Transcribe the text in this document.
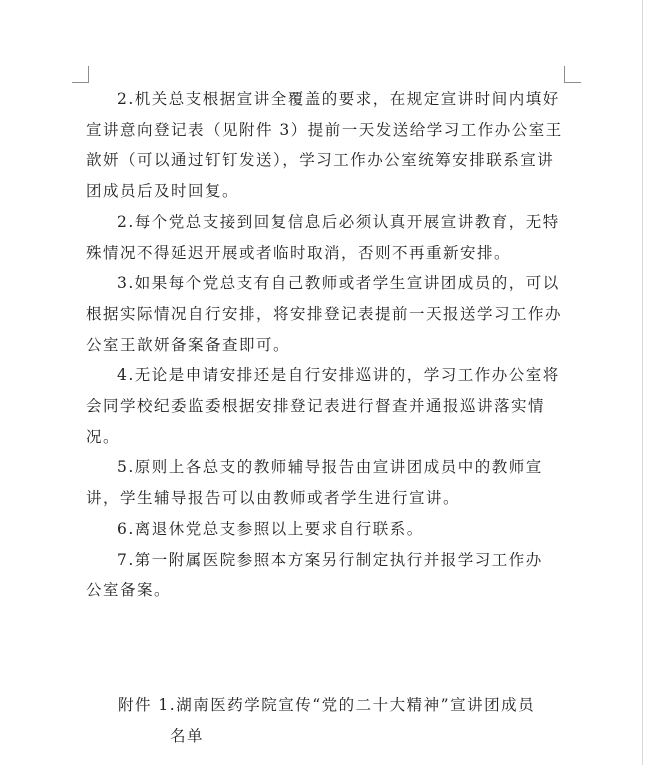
2.机关总支根据宣讲全覆盖的要求，在规定宣讲时间内填好
宣讲意向登记表（见附件 3）提前一天发送给学习工作办公室王
歆妍（可以通过钉钉发送），学习工作办公室统筹安排联系宣讲
团成员后及时回复。

2.每个党总支接到回复信息后必须认真开展宣讲教育，无特
殊情况不得延迟开展或者临时取消，否则不再重新安排。

3.如果每个党总支有自己教师或者学生宣讲团成员的，可以
根据实际情况自行安排，将安排登记表提前一天报送学习工作办
公室王歆妍备案备查即可。

4.无论是申请安排还是自行安排巡讲的，学习工作办公室将
会同学校纪委监委根据安排登记表进行督查并通报巡讲落实情
况。

5.原则上各总支的教师辅导报告由宣讲团成员中的教师宣
讲，学生辅导报告可以由教师或者学生进行宣讲。

6.离退休党总支参照以上要求自行联系。

7.第一附属医院参照本方案另行制定执行并报学习工作办
公室备案。

附件 1.湖南医药学院宣传“党的二十大精神”宣讲团成员
名单
